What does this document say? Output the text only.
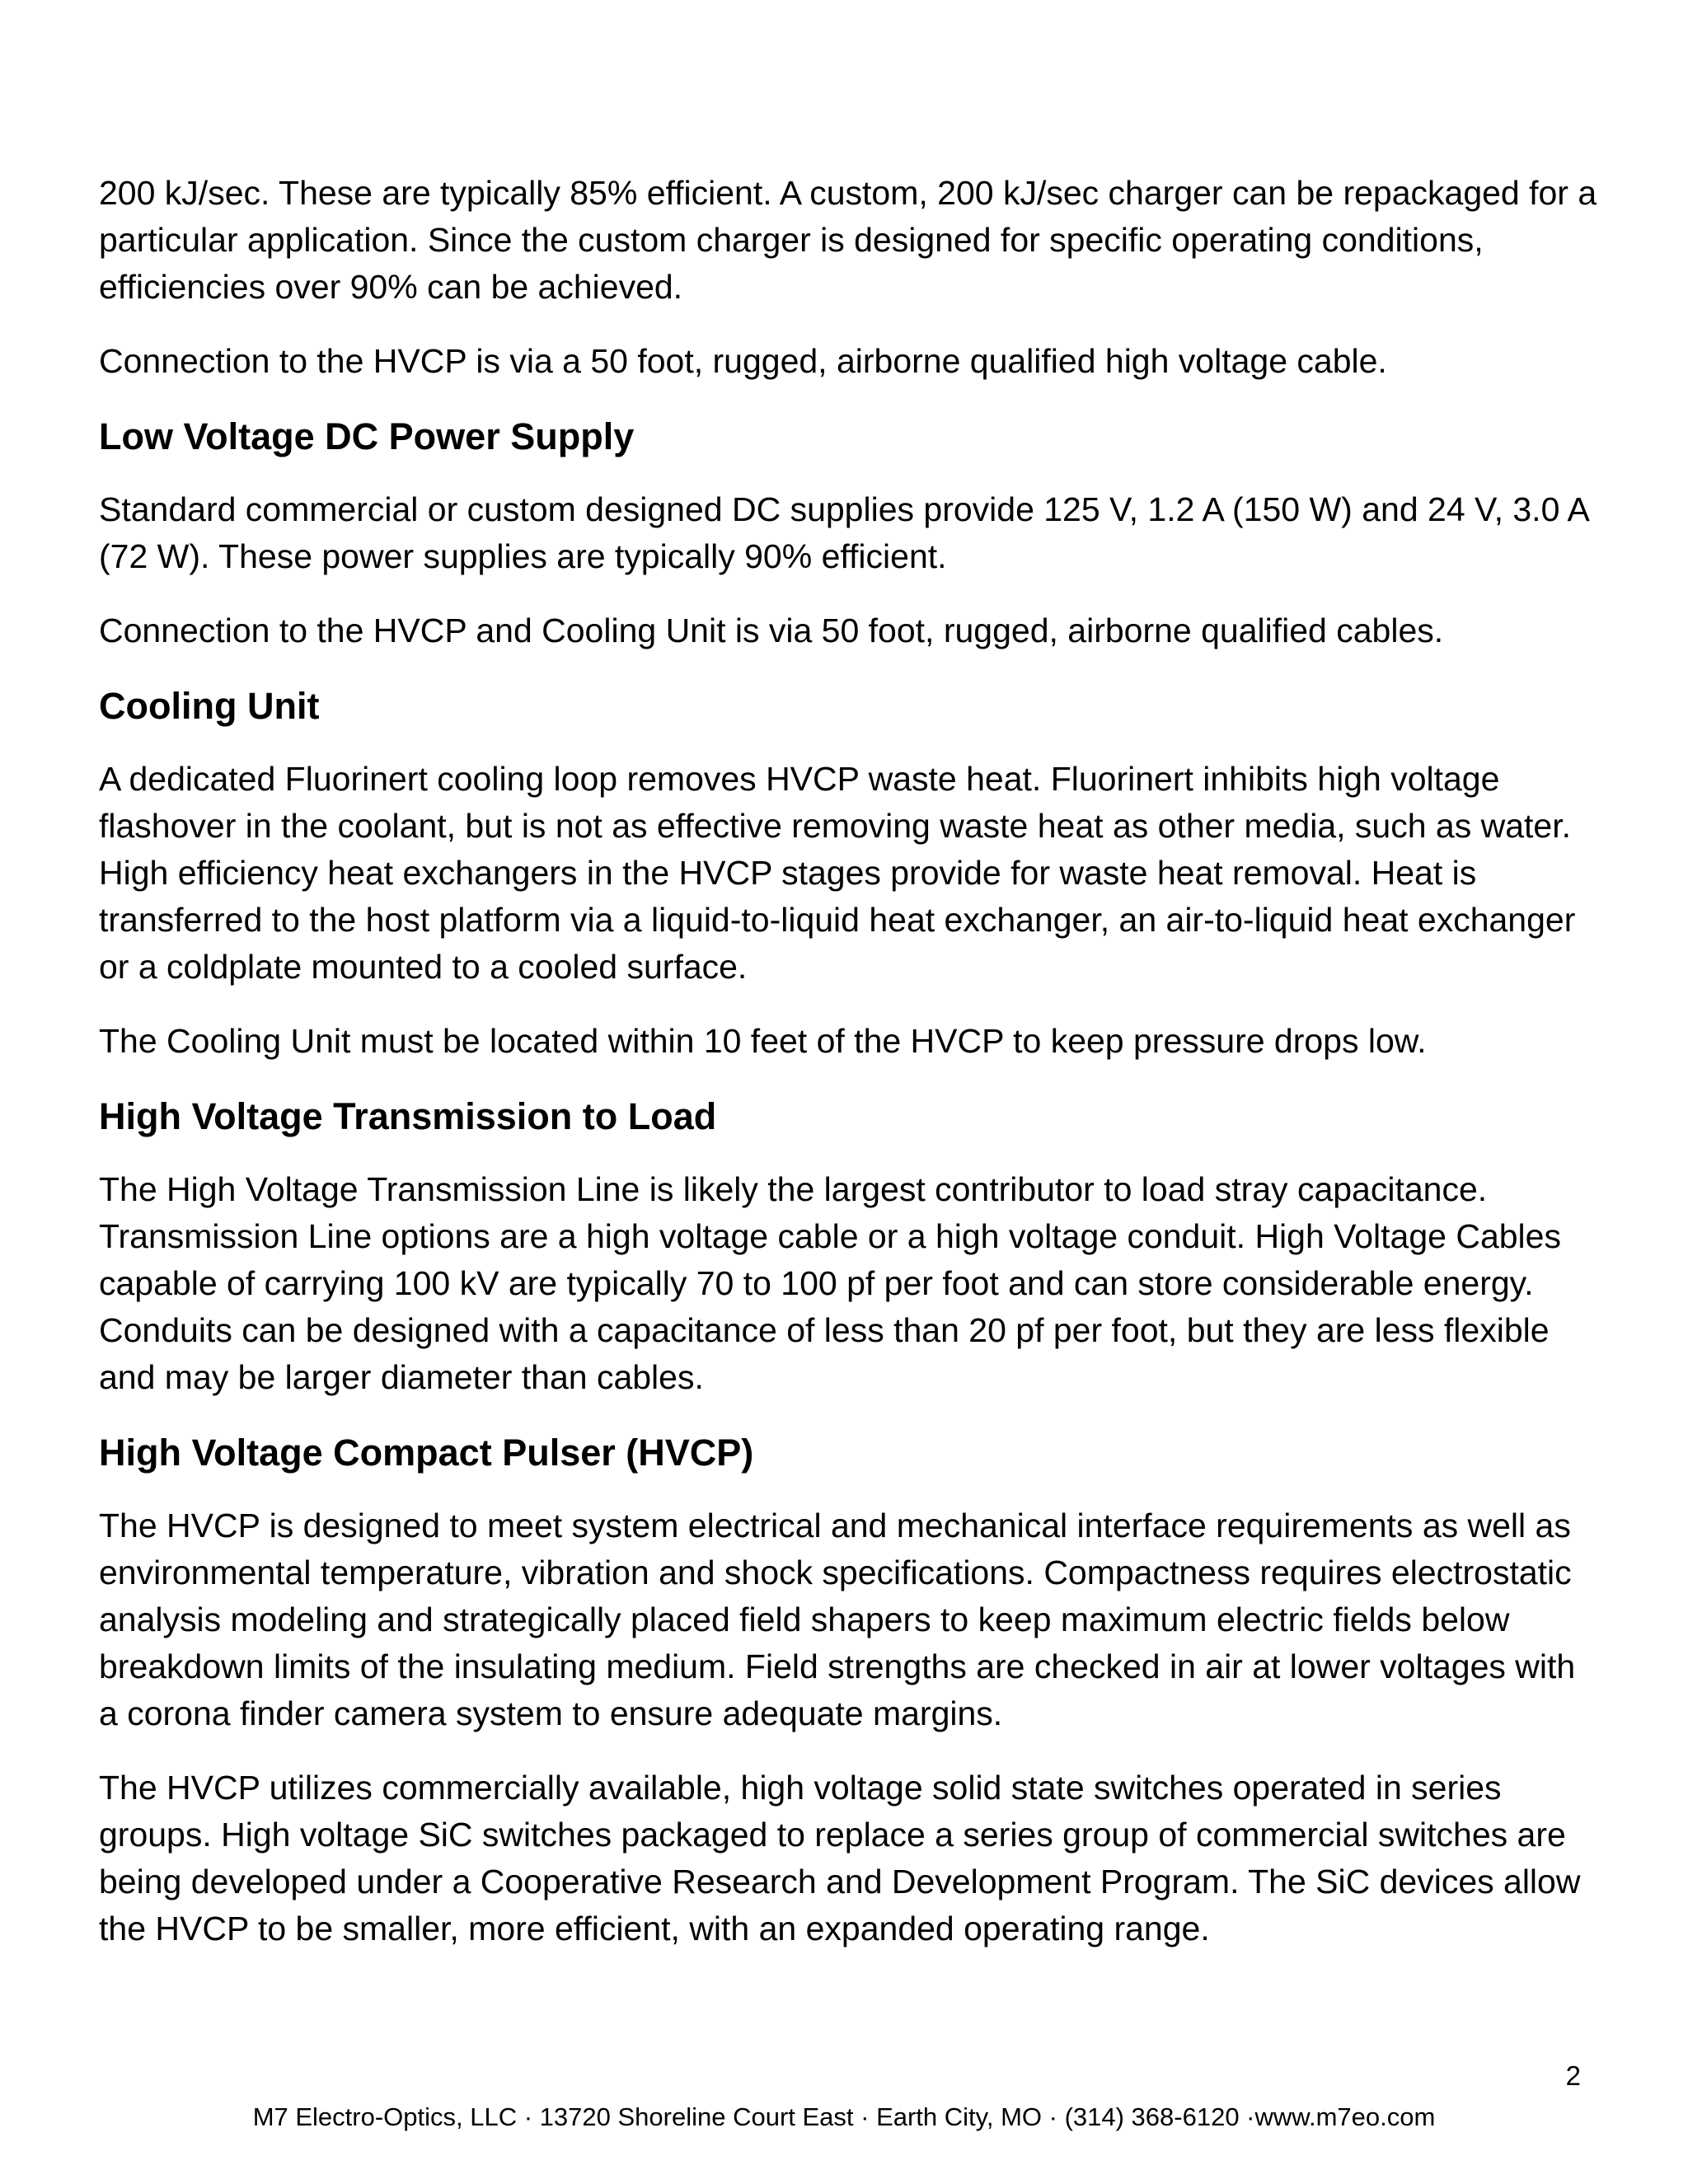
200 kJ/sec. These are typically 85% efficient. A custom, 200 kJ/sec charger can be repackaged for a particular application. Since the custom charger is designed for specific operating conditions, efficiencies over 90% can be achieved.

Connection to the HVCP is via a 50 foot, rugged, airborne qualified high voltage cable.

Low Voltage DC Power Supply

Standard commercial or custom designed DC supplies provide 125 V, 1.2 A (150 W) and 24 V, 3.0 A (72 W). These power supplies are typically 90% efficient.

Connection to the HVCP and Cooling Unit is via 50 foot, rugged, airborne qualified cables.

Cooling Unit

A dedicated Fluorinert cooling loop removes HVCP waste heat. Fluorinert inhibits high voltage flashover in the coolant, but is not as effective removing waste heat as other media, such as water. High efficiency heat exchangers in the HVCP stages provide for waste heat removal. Heat is transferred to the host platform via a liquid-to-liquid heat exchanger, an air-to-liquid heat exchanger or a coldplate mounted to a cooled surface.

The Cooling Unit must be located within 10 feet of the HVCP to keep pressure drops low.

High Voltage Transmission to Load

The High Voltage Transmission Line is likely the largest contributor to load stray capacitance. Transmission Line options are a high voltage cable or a high voltage conduit. High Voltage Cables capable of carrying 100 kV are typically 70 to 100 pf per foot and can store considerable energy. Conduits can be designed with a capacitance of less than 20 pf per foot, but they are less flexible and may be larger diameter than cables.

High Voltage Compact Pulser (HVCP)

The HVCP is designed to meet system electrical and mechanical interface requirements as well as environmental temperature, vibration and shock specifications. Compactness requires electrostatic analysis modeling and strategically placed field shapers to keep maximum electric fields below breakdown limits of the insulating medium. Field strengths are checked in air at lower voltages with a corona finder camera system to ensure adequate margins.

The HVCP utilizes commercially available, high voltage solid state switches operated in series groups. High voltage SiC switches packaged to replace a series group of commercial switches are being developed under a Cooperative Research and Development Program. The SiC devices allow the HVCP to be smaller, more efficient, with an expanded operating range.

2
M7 Electro-Optics, LLC · 13720 Shoreline Court East · Earth City, MO · (314) 368-6120 ·www.m7eo.com
